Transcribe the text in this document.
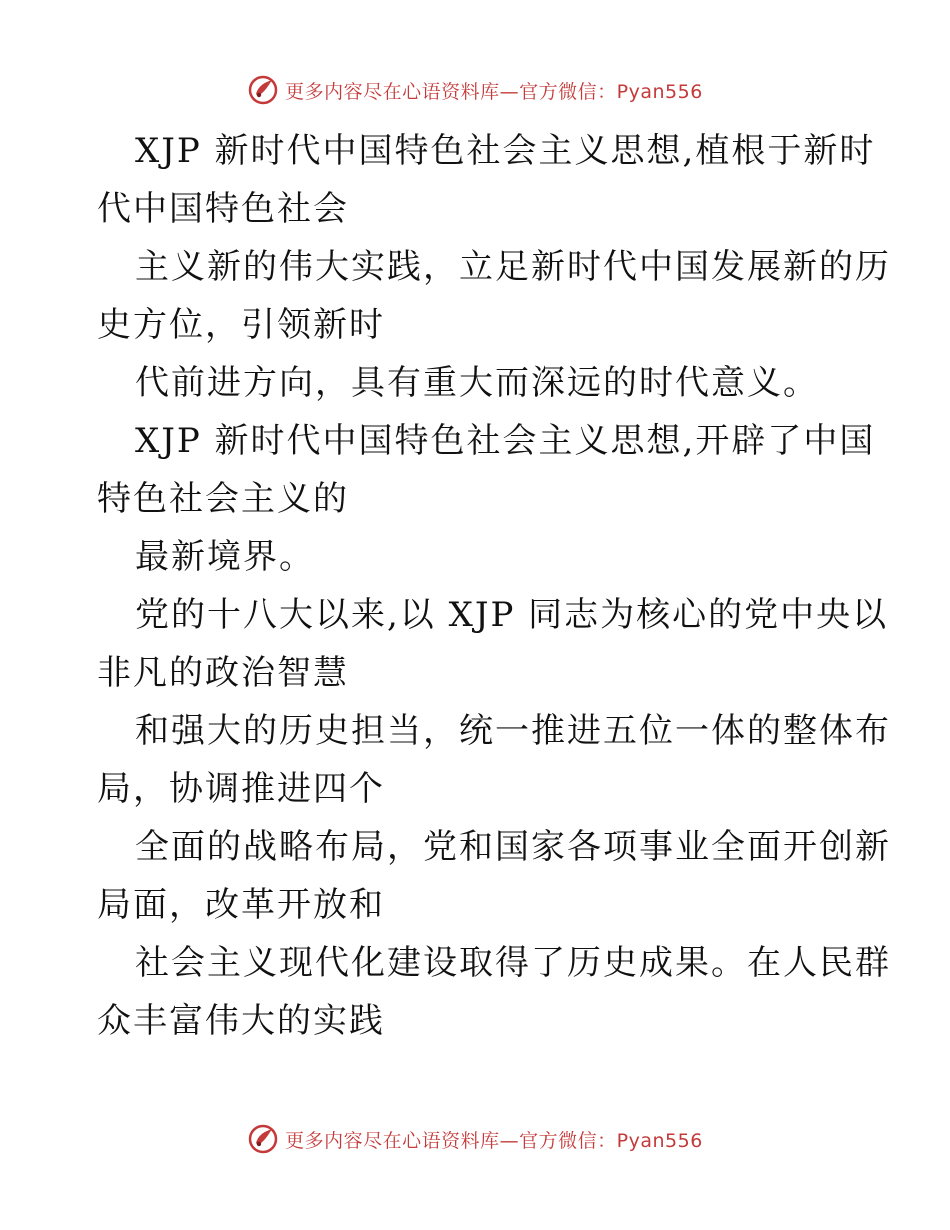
更多内容尽在心语资料库—官方微信：Pyan556
XJP 新时代中国特色社会主义思想,植根于新时
代中国特色社会
主义新的伟大实践，立足新时代中国发展新的历
史方位，引领新时
代前进方向，具有重大而深远的时代意义。
XJP 新时代中国特色社会主义思想,开辟了中国
特色社会主义的
最新境界。
党的十八大以来,以 XJP 同志为核心的党中央以
非凡的政治智慧
和强大的历史担当，统一推进五位一体的整体布
局，协调推进四个
全面的战略布局，党和国家各项事业全面开创新
局面，改革开放和
社会主义现代化建设取得了历史成果。在人民群
众丰富伟大的实践
更多内容尽在心语资料库—官方微信：Pyan556
